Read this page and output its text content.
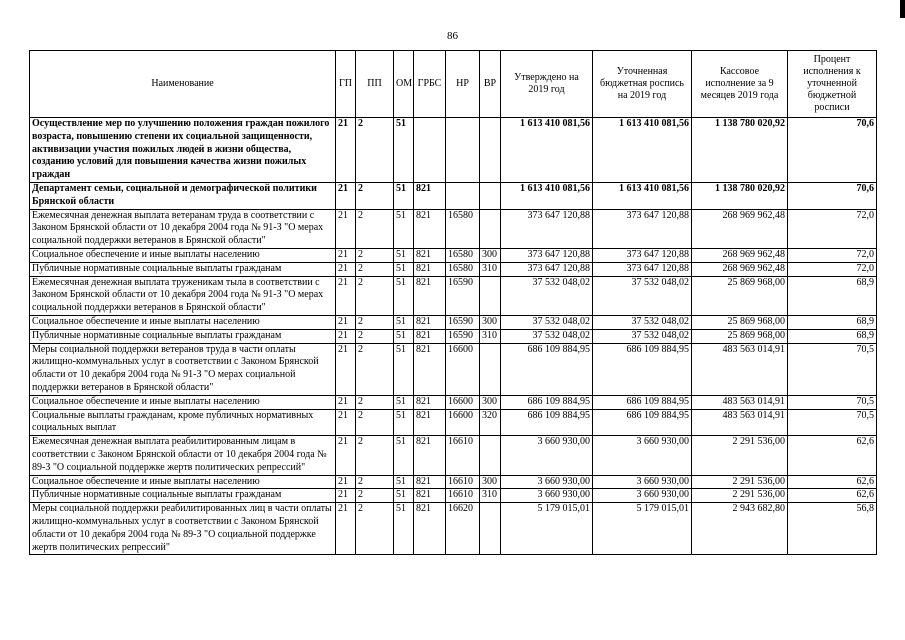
86
Наименование	ГП	ПП	ОМ	ГРБС	НР	ВР	Утверждено на 2019 год	Уточненная бюджетная роспись на 2019 год	Кассовое исполнение за 9 месяцев 2019 года	Процент исполнения к уточненной бюджетной росписи
Осуществление мер по улучшению положения граждан пожилого возраста, повышению степени их социальной защищенности, активизации участия пожилых людей в жизни общества, созданию условий для повышения качества жизни пожилых граждан	21	2	51				1 613 410 081,56	1 613 410 081,56	1 138 780 020,92	70,6
Департамент семьи, социальной и демографической политики Брянской области	21	2	51	821			1 613 410 081,56	1 613 410 081,56	1 138 780 020,92	70,6
Ежемесячная денежная выплата ветеранам труда в соответствии с Законом Брянской области от 10 декабря 2004 года № 91-З "О мерах социальной поддержки ветеранов в Брянской области"	21	2	51	821	16580		373 647 120,88	373 647 120,88	268 969 962,48	72,0
Социальное обеспечение и иные выплаты населению	21	2	51	821	16580	300	373 647 120,88	373 647 120,88	268 969 962,48	72,0
Публичные нормативные социальные выплаты гражданам	21	2	51	821	16580	310	373 647 120,88	373 647 120,88	268 969 962,48	72,0
Ежемесячная денежная выплата труженикам тыла в соответствии с Законом Брянской области от 10 декабря 2004 года № 91-З "О мерах социальной поддержки ветеранов в Брянской области"	21	2	51	821	16590		37 532 048,02	37 532 048,02	25 869 968,00	68,9
Социальное обеспечение и иные выплаты населению	21	2	51	821	16590	300	37 532 048,02	37 532 048,02	25 869 968,00	68,9
Публичные нормативные социальные выплаты гражданам	21	2	51	821	16590	310	37 532 048,02	37 532 048,02	25 869 968,00	68,9
Меры социальной поддержки ветеранов труда в части оплаты жилищно-коммунальных услуг в соответствии с Законом Брянской области от 10 декабря 2004 года № 91-З "О мерах социальной поддержки ветеранов в Брянской области"	21	2	51	821	16600		686 109 884,95	686 109 884,95	483 563 014,91	70,5
Социальное обеспечение и иные выплаты населению	21	2	51	821	16600	300	686 109 884,95	686 109 884,95	483 563 014,91	70,5
Социальные выплаты гражданам, кроме публичных нормативных социальных выплат	21	2	51	821	16600	320	686 109 884,95	686 109 884,95	483 563 014,91	70,5
Ежемесячная денежная выплата реабилитированным лицам в соответствии с Законом Брянской области от 10 декабря 2004 года № 89-З "О социальной поддержке жертв политических репрессий"	21	2	51	821	16610		3 660 930,00	3 660 930,00	2 291 536,00	62,6
Социальное обеспечение и иные выплаты населению	21	2	51	821	16610	300	3 660 930,00	3 660 930,00	2 291 536,00	62,6
Публичные нормативные социальные выплаты гражданам	21	2	51	821	16610	310	3 660 930,00	3 660 930,00	2 291 536,00	62,6
Меры социальной поддержки реабилитированных лиц в части оплаты жилищно-коммунальных услуг в соответствии с Законом Брянской области от 10 декабря 2004 года № 89-З "О социальной поддержке жертв политических репрессий"	21	2	51	821	16620		5 179 015,01	5 179 015,01	2 943 682,80	56,8
